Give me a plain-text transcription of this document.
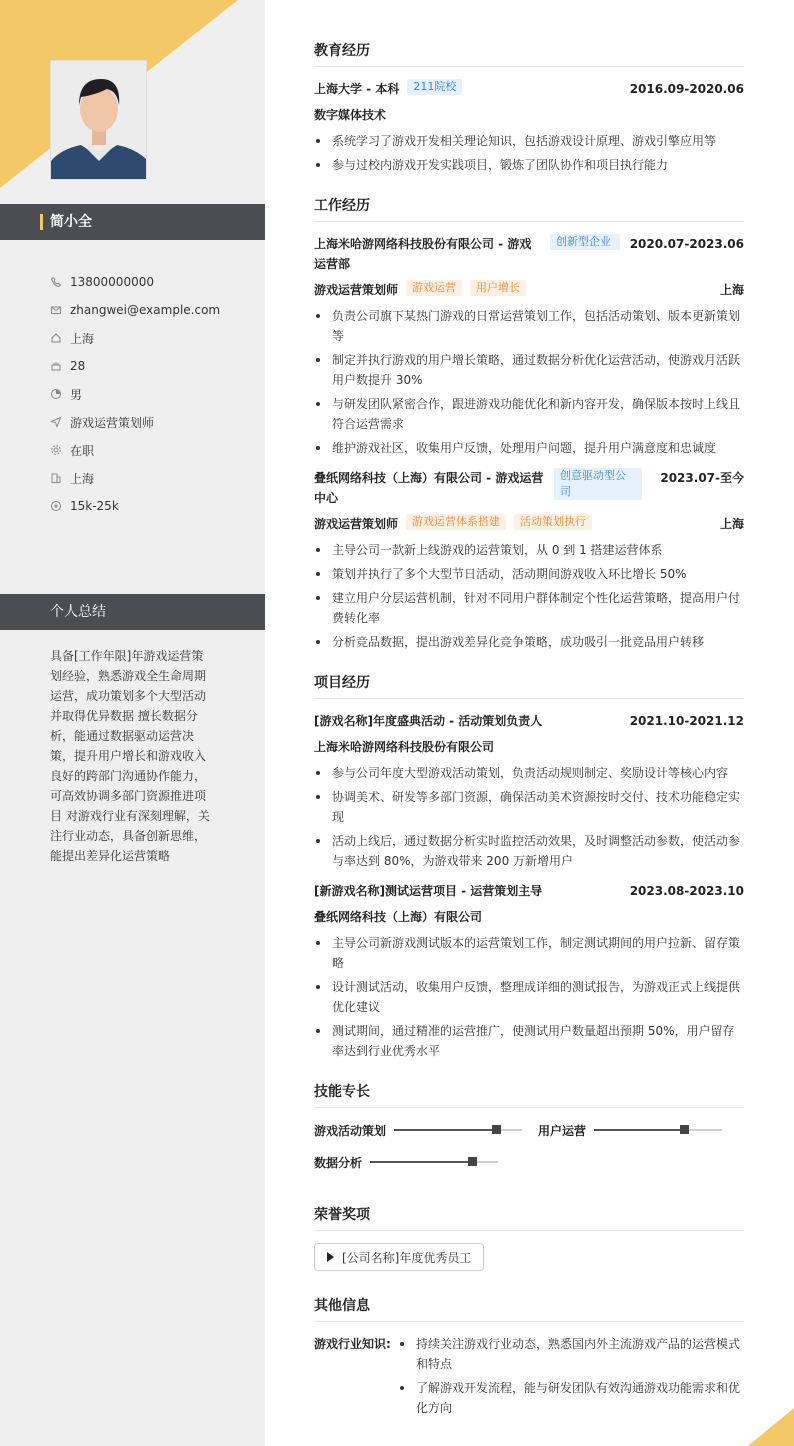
简小全
13800000000
zhangwei@example.com
上海
28
男
游戏运营策划师
在职
上海
15k-25k
个人总结
具备[工作年限]年游戏运营策划经验，熟悉游戏全生命周期运营，成功策划多个大型活动并取得优异数据 擅长数据分析，能通过数据驱动运营决策，提升用户增长和游戏收入 良好的跨部门沟通协作能力，可高效协调多部门资源推进项目 对游戏行业有深刻理解，关注行业动态，具备创新思维，能提出差异化运营策略
教育经历
上海大学 - 本科	211院校	2016.09-2020.06
数字媒体技术
系统学习了游戏开发相关理论知识，包括游戏设计原理、游戏引擎应用等
参与过校内游戏开发实践项目，锻炼了团队协作和项目执行能力
工作经历
上海米哈游网络科技股份有限公司 - 游戏运营部
创新型企业	2020.07-2023.06
游戏运营策划师	游戏运营	用户增长	上海
负责公司旗下某热门游戏的日常运营策划工作，包括活动策划、版本更新策划等
制定并执行游戏的用户增长策略，通过数据分析优化运营活动，使游戏月活跃用户数提升 30%
与研发团队紧密合作，跟进游戏功能优化和新内容开发，确保版本按时上线且符合运营需求
维护游戏社区，收集用户反馈，处理用户问题，提升用户满意度和忠诚度
叠纸网络科技（上海）有限公司 - 游戏运营中心
创意驱动型公司
2023.07-至今
游戏运营策划师	游戏运营体系搭建	活动策划执行	上海
主导公司一款新上线游戏的运营策划，从 0 到 1 搭建运营体系
策划并执行了多个大型节日活动，活动期间游戏收入环比增长 50%
建立用户分层运营机制，针对不同用户群体制定个性化运营策略，提高用户付费转化率
分析竞品数据，提出游戏差异化竞争策略，成功吸引一批竞品用户转移
项目经历
[游戏名称]年度盛典活动 - 活动策划负责人	2021.10-2021.12
上海米哈游网络科技股份有限公司
参与公司年度大型游戏活动策划，负责活动规则制定、奖励设计等核心内容
协调美术、研发等多部门资源，确保活动美术资源按时交付、技术功能稳定实现
活动上线后，通过数据分析实时监控活动效果，及时调整活动参数，使活动参与率达到 80%，为游戏带来 200 万新增用户
[新游戏名称]测试运营项目 - 运营策划主导	2023.08-2023.10
叠纸网络科技（上海）有限公司
主导公司新游戏测试版本的运营策划工作，制定测试期间的用户拉新、留存策略
设计测试活动，收集用户反馈，整理成详细的测试报告，为游戏正式上线提供优化建议
测试期间，通过精准的运营推广，使测试用户数量超出预期 50%，用户留存率达到行业优秀水平
技能专长
游戏活动策划	用户运营
数据分析
荣誉奖项
[公司名称]年度优秀员工
其他信息
游戏行业知识:	持续关注游戏行业动态，熟悉国内外主流游戏产品的运营模式和特点
了解游戏开发流程，能与研发团队有效沟通游戏功能需求和优化方向
